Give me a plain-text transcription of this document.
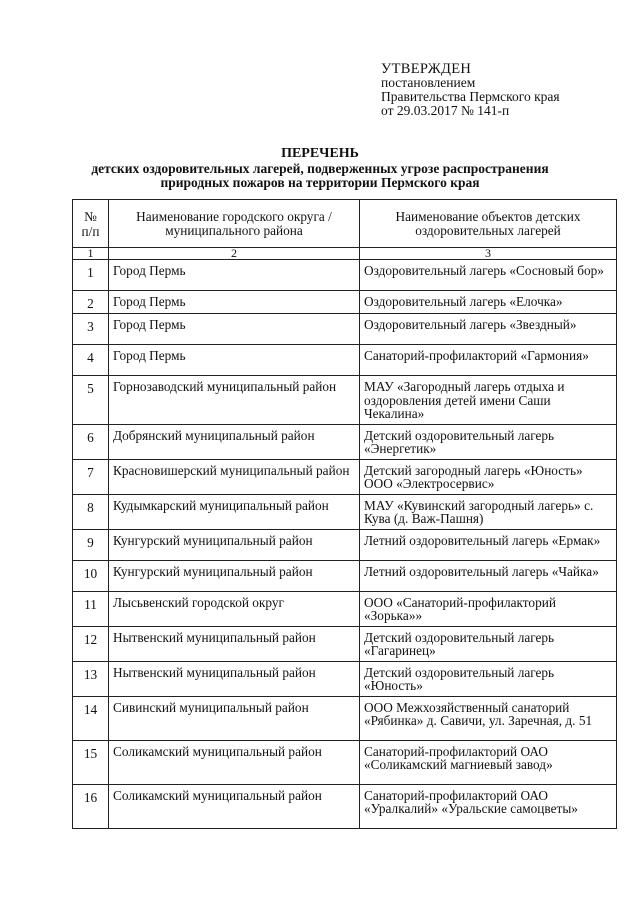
УТВЕРЖДЕН
постановлением
Правительства Пермского края
от 29.03.2017 № 141-п
ПЕРЕЧЕНЬ
детских оздоровительных лагерей, подверженных угрозе распространения
природных пожаров на территории Пермского края
№
п/п	Наименование городского округа / муниципального района	Наименование объектов детских оздоровительных лагерей

1	2	3
1	Город Пермь	Оздоровительный лагерь «Сосновый бор»
2	Город Пермь	Оздоровительный лагерь «Елочка»
3	Город Пермь	Оздоровительный лагерь «Звездный»
4	Город Пермь	Санаторий-профилакторий «Гармония»
5	Горнозаводский муниципальный район	МАУ «Загородный лагерь отдыха и оздоровления детей имени Саши Чекалина»
6	Добрянский муниципальный район	Детский оздоровительный лагерь «Энергетик»
7	Красновишерский муниципальный район	Детский загородный лагерь «Юность» ООО «Электросервис»
8	Кудымкарский муниципальный район	МАУ «Кувинский загородный лагерь» с. Кува (д. Важ-Пашня)
9	Кунгурский муниципальный район	Летний оздоровительный лагерь «Ермак»
10	Кунгурский муниципальный район	Летний оздоровительный лагерь «Чайка»
11	Лысьвенский городской округ	ООО «Санаторий-профилакторий «Зорька»»
12	Нытвенский муниципальный район	Детский оздоровительный лагерь «Гагаринец»
13	Нытвенский муниципальный район	Детский оздоровительный лагерь «Юность»
14	Сивинский муниципальный район	ООО Межхозяйственный санаторий «Рябинка» д. Савичи, ул. Заречная, д. 51
15	Соликамский муниципальный район	Санаторий-профилакторий ОАО «Соликамский магниевый завод»
16	Соликамский муниципальный район	Санаторий-профилакторий ОАО «Уралкалий» «Уральские самоцветы»
